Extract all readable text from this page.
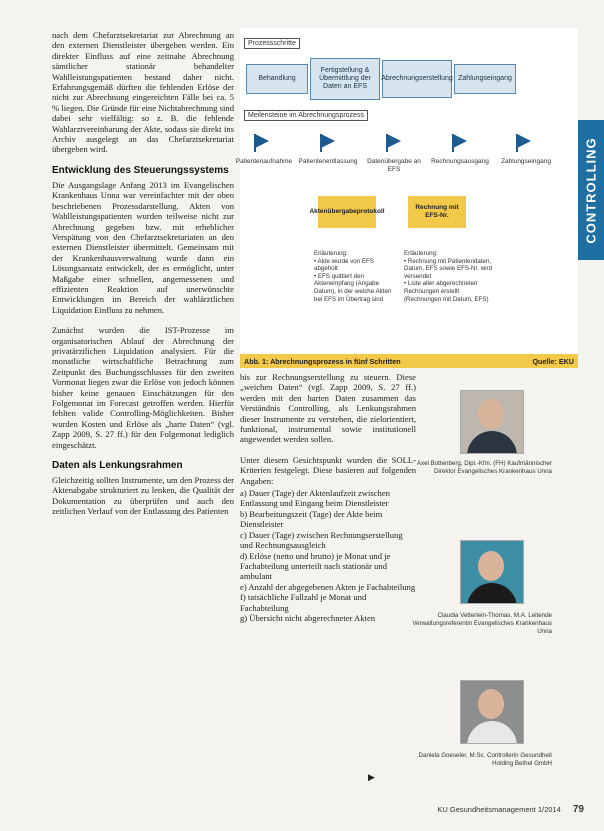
CONTROLLING

nach dem Chefarztsekretariat zur Abrechnung an den externen Dienstleister übergeben werden. Ein direkter Einfluss auf eine zeitnahe Abrechnung sämtlicher stationär behandelter Wahlleistungspatienten bestand daher nicht. Erfahrungsgemäß dürften die fehlenden Erlöse der nicht zur Abrechnung eingereichten Fälle bei ca. 5 % liegen. Die Gründe für eine Nichtabrechnung sind dabei sehr vielfältig: so z. B. die fehlende Wahlarztvereinbarung der Akte, sodass sie direkt ins Archiv ausgelegt an das Chefarztsekretariat übergeben wird.

Entwicklung des Steuerungssystems

Die Ausgangslage Anfang 2013 im Evangelischen Krankenhaus Unna war vereinfachter mit der oben beschriebenen Prozessdarstellung. Akten von Wahlleistungspatienten wurden teilweise nicht zur Abrechnung gegeben bzw. mit erheblicher Verspätung von den Chefarztsekretariaten an den externen Dienstleister übermittelt. Gemeinsam mit der Krankenhausverwaltung wurde dann ein Lösungsansatz entwickelt, der es ermöglicht, unter Maßgabe einer schnellen, angemessenen und effizienten Reaktion auf unerwünschte Entwicklungen im Bereich der wahlärztlichen Liquidation Einfluss zu nehmen.

Zunächst wurden die IST-Prozesse im organisatorischen Ablauf der Abrechnung der privatärztlichen Liquidation analysiert. Für die monatliche wirtschaftliche Betrachtung zum Zeitpunkt des Buchungsschlusses für den zweiten Vormonat liegen zwar die Erlöse von jedoch können bisher keine genauen Einschätzungen für den Folgemonat im Forecast getroffen werden. Hierfür fehlten valide Controlling-Möglichkeiten. Bisher wurden Kosten und Erlöse als „harte Daten“ (vgl. Zapp 2009, S. 27 ff.) für den Folgemonat lediglich eingeschätzt.

Daten als Lenkungsrahmen

Gleichzeitig sollten Instrumente, um den Prozess der Aktenabgabe strukturiert zu lenken, die Qualität der Dokumentation zu überprüfen und auch den zeitlichen Verlauf von der Entlassung des Patienten

Prozessschritte
Behandlung
Fertigstellung & Übermittlung der Daten an EFS
Abrechnungserstellung Zahlungseingang
Meilensteine im Abrechnungsprozess
Patientenaufnahme Patientenentlassung	Datenübergabe an EFS
Rechnungsausgang	Zahlungseingang
Aktenübergabeprotokoll
Rechnung mit EFS-Nr.
Erläuterung:
• Akte wurde von EFS abgeholt
• EFS quittiert den Aktenempfang (Angabe Datum), in der welche Akten bei EFS im Übertrag sind
Erläuterung:
• Rechnung mit Patientendaten, Datum, EFS sowie EFS-Nr. wird versendet
• Liste aller abgerechneten Rechnungen erstellt (Rechnungen mit Datum, EFS)
Abb. 1: Abrechnungsprozess in fünf Schritten	Quelle: EKU

bis zur Rechnungserstellung zu steuern. Diese „weichen Daten“ (vgl. Zapp 2009, S. 27 ff.) werden mit den harten Daten zusammen das Verständnis Controlling, als Lenkungsrahmen dieser Instrumente zu verstehen, die zielorientiert, funktional, instrumental sowie institutionell angewendet werden sollen.

Unter diesem Gesichtspunkt wurden die SOLL-Kriterien festgelegt. Diese basieren auf folgenden Angaben:

a) Dauer (Tage) der Aktenlaufzeit zwischen Entlassung und Eingang beim Dienstleister
b) Bearbeitungszeit (Tage) der Akte beim Dienstleister
c) Dauer (Tage) zwischen Rechnungserstellung und Rechnungsausgleich
d) Erlöse (netto und brutto) je Monat und je Fachabteilung unterteilt nach stationär und ambulant
e) Anzahl der abgegebenen Akten je Fachabteilung
f) tatsächliche Fallzahl je Monat und Fachabteilung
g) Übersicht nicht abgerechneter Akten
Axel Bottenberg, Dipl.-Kfm. (FH) Kaufmännischer Direktor Evangelisches Krankenhaus Unna
Claudia Vetterlein-Thomas, M.A. Leitende Verwaltungsreferentin Evangelisches Krankenhaus Unna
Daniela Goeseler, M.Sc. Controllerin Gesundheit Holding Bethel GmbH
▶
KU Gesundheitsmanagement 1/2014 79
